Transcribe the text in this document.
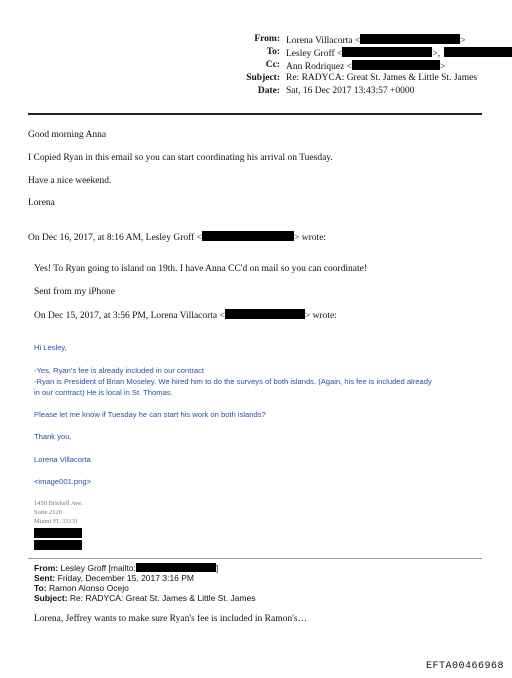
From: Lorena Villacorta <	>
To: Lesley Groff <	>,
Cc: Ann Rodriquez <	>
Subject: Re: RADYCA: Great St. James & Little St. James
Date: Sat, 16 Dec 2017 13:43:57 +0000
Good morning Anna
I Copied Ryan in this email so you can start coordinating his arrival on Tuesday.
Have a nice weekend.
Lorena
On Dec 16, 2017, at 8:16 AM, Lesley Groff <	> wrote:
Yes! To Ryan going to island on 19th. I have Anna CC'd on mail so you can coordinate!
Sent from my iPhone
On Dec 15, 2017, at 3:56 PM, Lorena Villacorta <	> wrote:
Hi Lesley,
-Yes, Ryan's fee is already included in our contract
-Ryan is President of Brian Moseley. We hired him to do the surveys of both islands. (Again, his fee is included already
in our contract) He is local in St. Thomas.
Please let me know if Tuesday he can start his work on both islands?
Thank you,
Lorena Villacorta
<image001.png>
1450 Brickell Ave.
Suite 2120
Miami FL 33131
From: Lesley Groff [mailto:	]
Sent: Friday, December 15, 2017 3:16 PM
To: Ramon Alonso Ocejo
Subject: Re: RADYCA: Great St. James & Little St. James
Lorena, Jeffrey wants to make sure Ryan's fee is included in Ramon's…
EFTA00466968
